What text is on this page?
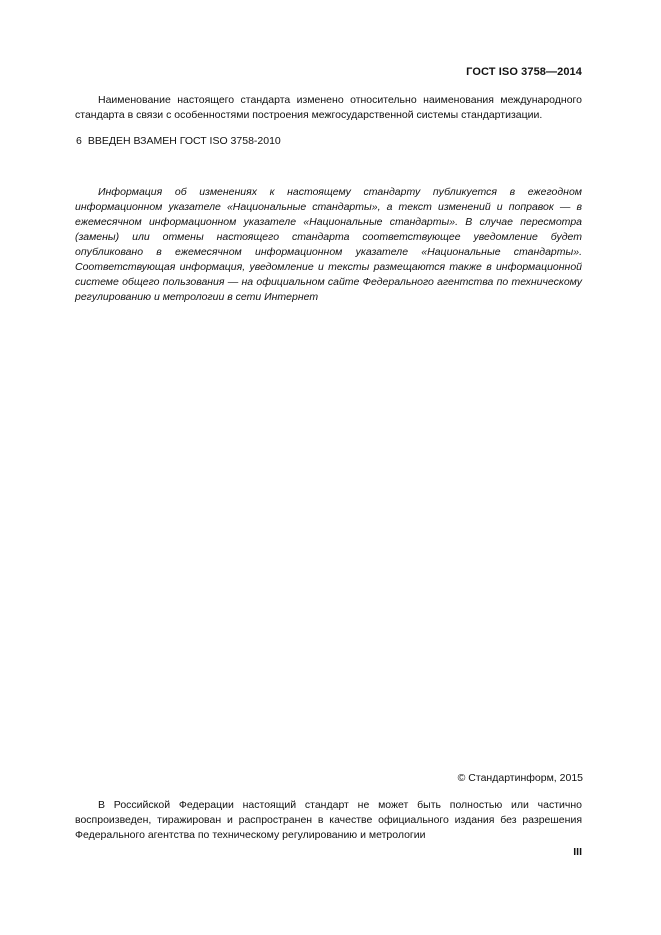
ГОСТ ISO 3758—2014
  Наименование настоящего стандарта изменено относительно наименования международного стандарта в связи с особенностями построения межгосударственной системы стандартизации.
6 ВВЕДЕН ВЗАМЕН ГОСТ ISO 3758-2010
  Информация об изменениях к настоящему стандарту публикуется в ежегодном информационном указателе «Национальные стандарты», а текст изменений и поправок — в ежемесячном информационном указателе «Национальные стандарты». В случае пересмотра (замены) или отмены настоящего стандарта соответствующее уведомление будет опубликовано в ежемесячном информационном указателе «Национальные стандарты». Соответствующая информация, уведомление и тексты размещаются также в информационной системе общего пользования — на официальном сайте Федерального агентства по техническому регулированию и метрологии в сети Интернет
© Стандартинформ, 2015
  В Российской Федерации настоящий стандарт не может быть полностью или частично воспроизведен, тиражирован и распространен в качестве официального издания без разрешения Федерального агентства по техническому регулированию и метрологии
III
